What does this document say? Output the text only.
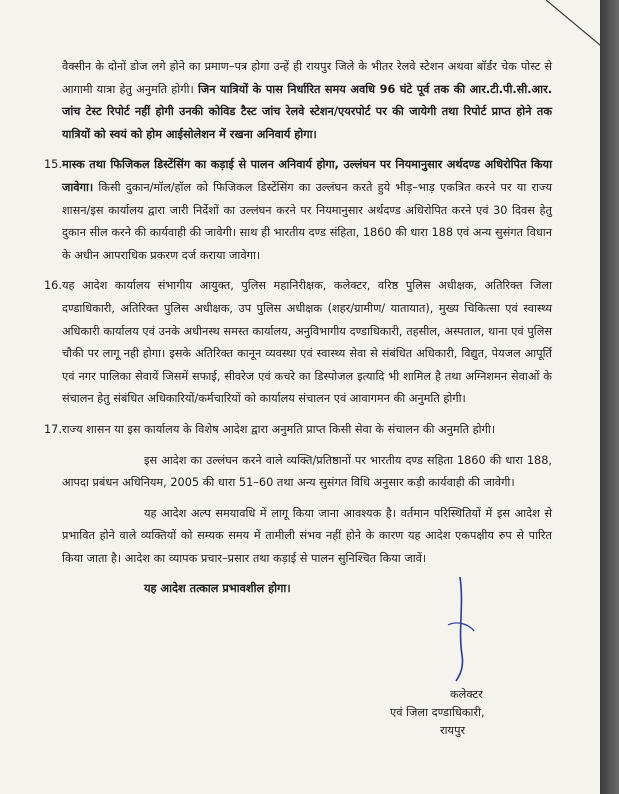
वैक्सीन के दोनों डोज लगे होने का प्रमाण–पत्र होगा उन्हें ही रायपुर जिले के भीतर रेलवे स्टेशन अथवा बॉर्डर चेक पोस्ट से आगामी यात्रा हेतु अनुमति होगी। जिन यात्रियों के पास निर्धारित समय अवधि 96 घंटे पूर्व तक की आर.टी.पी.सी.आर. जांच टेस्ट रिपोर्ट नहीं होगी उनकी कोविड टैस्ट जांच रेलवे स्टेशन/एयरपोर्ट पर की जायेगी तथा रिपोर्ट प्राप्त होने तक यात्रियों को स्वयं को होम आईसोलेशन में रखना अनिवार्य होगा।

15. मास्क तथा फिजिकल डिस्टेंसिंग का कड़ाई से पालन अनिवार्य होगा, उल्लंघन पर नियमानुसार अर्थदण्ड अधिरोपित किया जावेगा। किसी दुकान/मॉल/हॉल को फिजिकल डिस्टेंसिंग का उल्लंघन करते हुये भीड़–भाड़ एकत्रित करने पर या राज्य शासन/इस कार्यालय द्वारा जारी निर्देशों का उल्लंघन करने पर नियमानुसार अर्थदण्ड अधिरोपित करने एवं 30 दिवस हेतु दुकान सील करने की कार्यवाही की जावेगी। साथ ही भारतीय दण्ड संहिता, 1860 की धारा 188 एवं अन्य सुसंगत विधान के अधीन आपराधिक प्रकरण दर्ज कराया जावेगा।

16. यह आदेश कार्यालय संभागीय आयुक्त, पुलिस महानिरीक्षक, कलेक्टर, वरिष्ठ पुलिस अधीक्षक, अतिरिक्त जिला दण्डाधिकारी, अतिरिक्त पुलिस अधीक्षक, उप पुलिस अधीक्षक (शहर/ग्रामीण/ यातायात), मुख्य चिकित्सा एवं स्वास्थ्य अधिकारी कार्यालय एवं उनके अधीनस्थ समस्त कार्यालय, अनुविभागीय दण्डाधिकारी, तहसील, अस्पताल, थाना एवं पुलिस चौकी पर लागू नही होगा। इसके अतिरिक्त कानून व्यवस्था एवं स्वास्थ्य सेवा से संबंधित अधिकारी, विद्युत, पेयजल आपूर्ति एवं नगर पालिका सेवायें जिसमें सफाई, सीवरेज एवं कचरे का डिस्पोजल इत्यादि भी शामिल है तथा अग्निशमन सेवाओं के संचालन हेतु संबंधित अधिकारियों/कर्मचारियों को कार्यालय संचालन एवं आवागमन की अनुमति होगी।

17. राज्य शासन या इस कार्यालय के विशेष आदेश द्वारा अनुमति प्राप्त किसी सेवा के संचालन की अनुमति होगी।

इस आदेश का उल्लंघन करने वाले व्यक्ति/प्रतिष्ठानों पर भारतीय दण्ड सहिता 1860 की धारा 188, आपदा प्रबंधन अधिनियम, 2005 की धारा 51–60 तथा अन्य सुसंगत विधि अनुसार कड़ी कार्यवाही की जावेगी।

यह आदेश अल्प समयावधि में लागू किया जाना आवश्यक है। वर्तमान परिस्थितियों में इस आदेश से प्रभावित होने वाले व्यक्तियों को सम्यक समय में तामीली संभव नहीं होने के कारण यह आदेश एकपक्षीय रुप से पारित किया जाता है। आदेश का व्यापक प्रचार–प्रसार तथा कड़ाई से पालन सुनिश्चित किया जावें।

यह आदेश तत्काल प्रभावशील होगा।

कलेक्टर
एवं जिला दण्डाधिकारी,
रायपुर
